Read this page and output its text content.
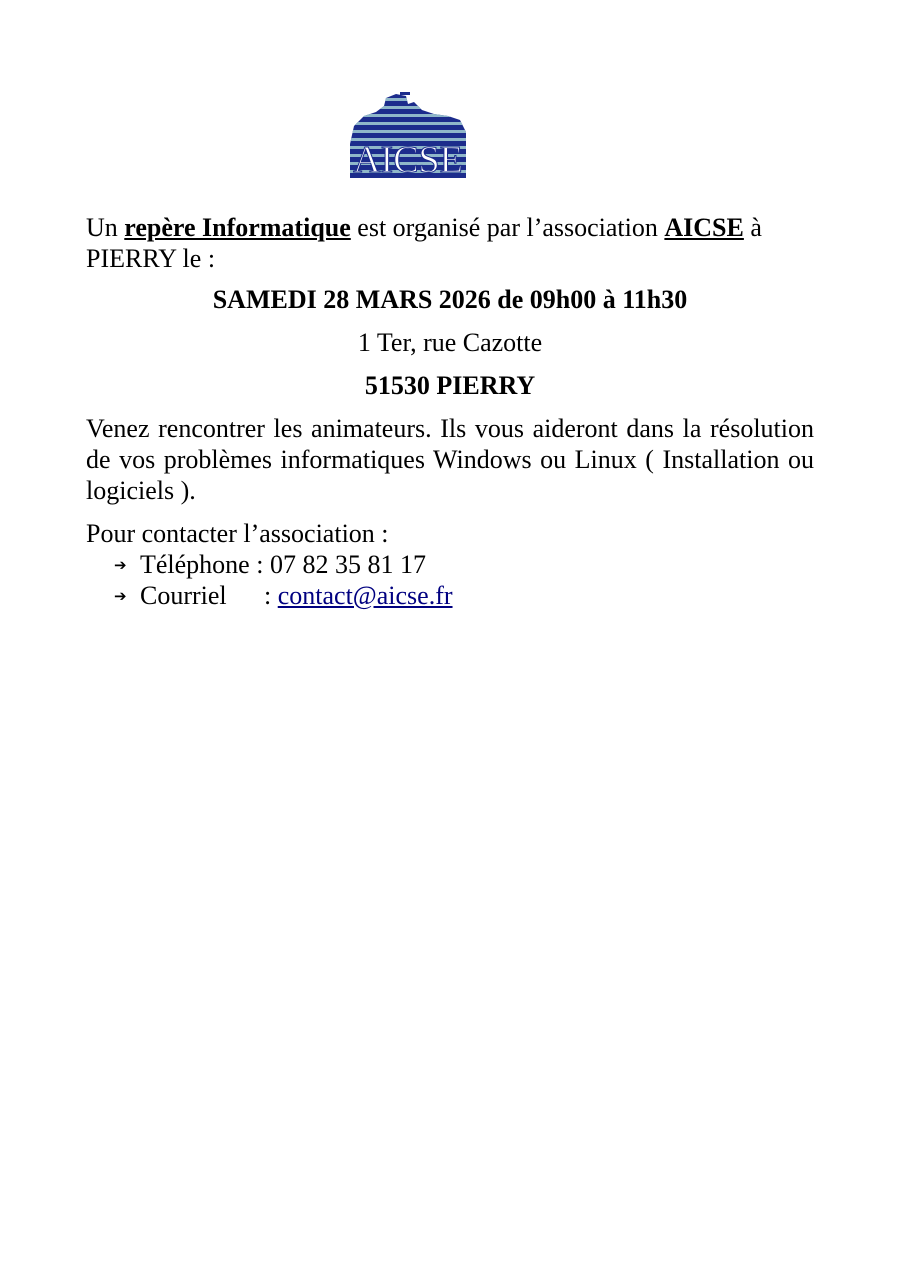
AICSE

Un repère Informatique est organisé par l’association AICSE à PIERRY le :

SAMEDI 28 MARS 2026 de 09h00 à 11h30

1 Ter, rue Cazotte

51530 PIERRY

Venez rencontrer les animateurs. Ils vous aideront dans la résolution de vos problèmes informatiques Windows ou Linux ( Installation ou logiciels ).

Pour contacter l’association :

➔ Téléphone : 07 82 35 81 17
➔ Courriel : contact@aicse.fr
